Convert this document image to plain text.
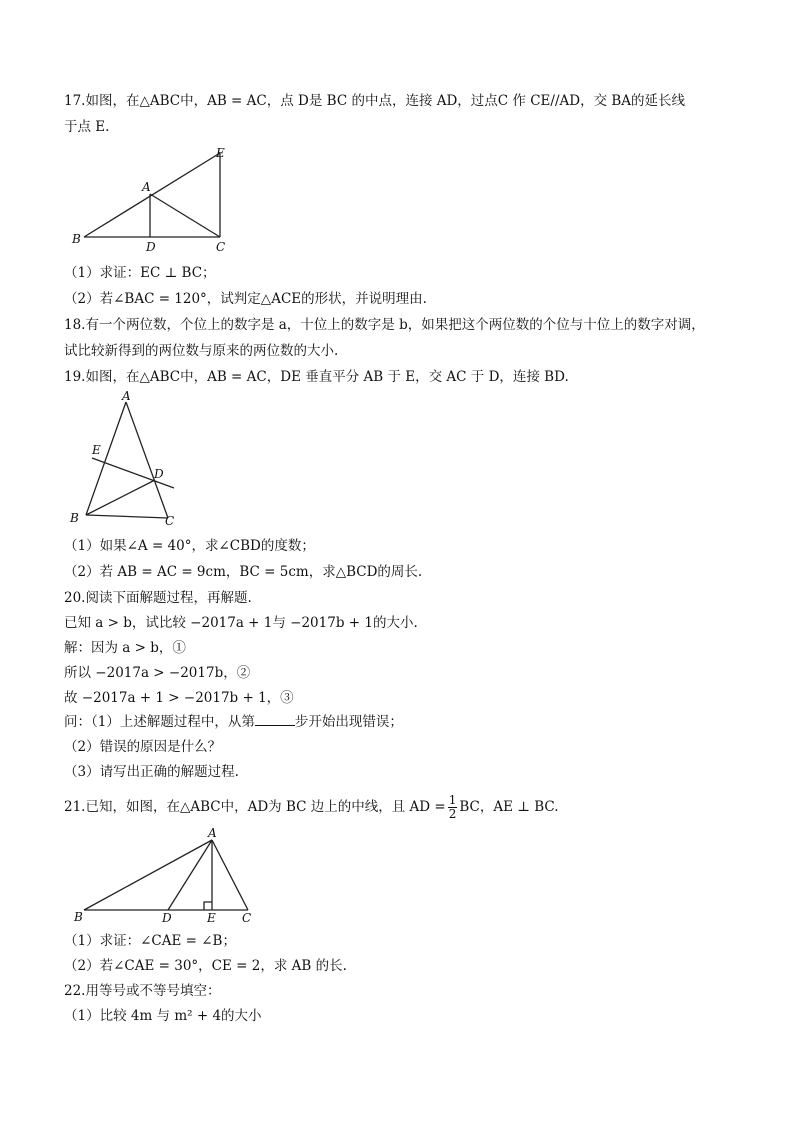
17.如图，在△ABC中，AB = AC，点 D是 BC 的中点，连接 AD，过点C 作 CE//AD，交 BA的延长线
于点 E.
E
A
B
D	C
（1）求证：EC ⊥ BC；
（2）若∠BAC = 120°，试判定△ACE的形状，并说明理由.
18.有一个两位数，个位上的数字是 a，十位上的数字是 b，如果把这个两位数的个位与十位上的数字对调，
试比较新得到的两位数与原来的两位数的大小.
19.如图，在△ABC中，AB = AC，DE 垂直平分 AB 于 E，交 AC 于 D，连接 BD.
A
E
D
B	C
（1）如果∠A = 40°，求∠CBD的度数；
（2）若 AB = AC = 9cm，BC = 5cm，求△BCD的周长.
20.阅读下面解题过程，再解题.
已知 a > b，试比较 −2017a + 1与 −2017b + 1的大小.
解：因为 a > b，①
所以 −2017a > −2017b，②
故 −2017a + 1 > −2017b + 1，③
问：（1）上述解题过程中，从第	步开始出现错误；
（2）错误的原因是什么？
（3）请写出正确的解题过程.
21.已知，如图，在△ABC中，AD为 BC 边上的中线，且 AD = $\frac{1}{2}$ BC，AE ⊥ BC.
A
B	D	E C
（1）求证：∠CAE = ∠B；
（2）若∠CAE = 30°，CE = 2，求 AB 的长.
22.用等号或不等号填空：
（1）比较 4m 与 m² + 4的大小
